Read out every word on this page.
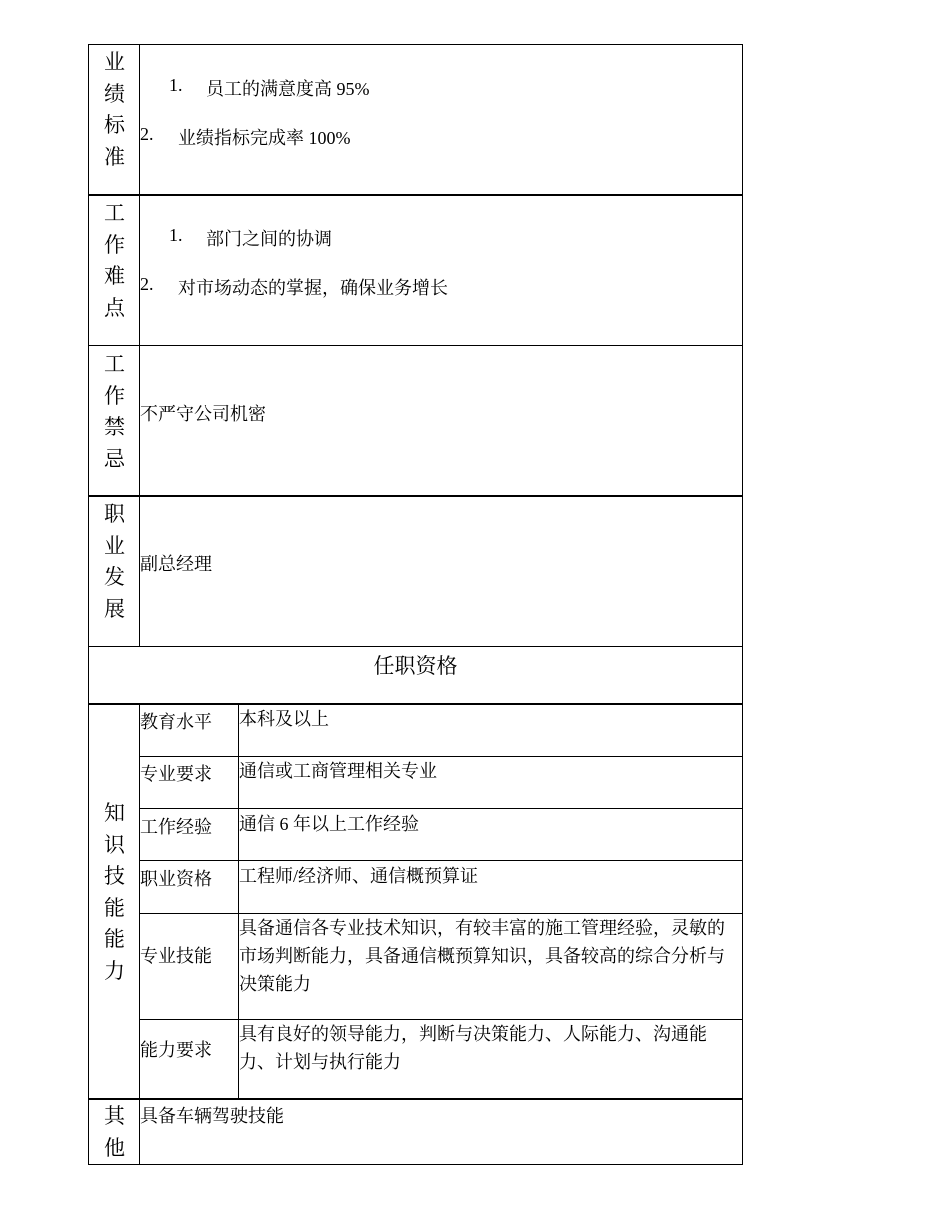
业绩标准
1. 员工的满意度高 95%
2. 业绩指标完成率 100%
工作难点
1. 部门之间的协调
2. 对市场动态的掌握，确保业务增长
工作禁忌
不严守公司机密
职业发展
副总经理
任职资格
知识技能能力
教育水平 本科及以上
专业要求 通信或工商管理相关专业
工作经验 通信 6 年以上工作经验
职业资格 工程师/经济师、通信概预算证
专业技能
具备通信各专业技术知识，有较丰富的施工管理经验，灵敏的市场判断能力，具备通信概预算知识，具备较高的综合分析与决策能力
能力要求
具有良好的领导能力，判断与决策能力、人际能力、沟通能力、计划与执行能力
其他
具备车辆驾驶技能
